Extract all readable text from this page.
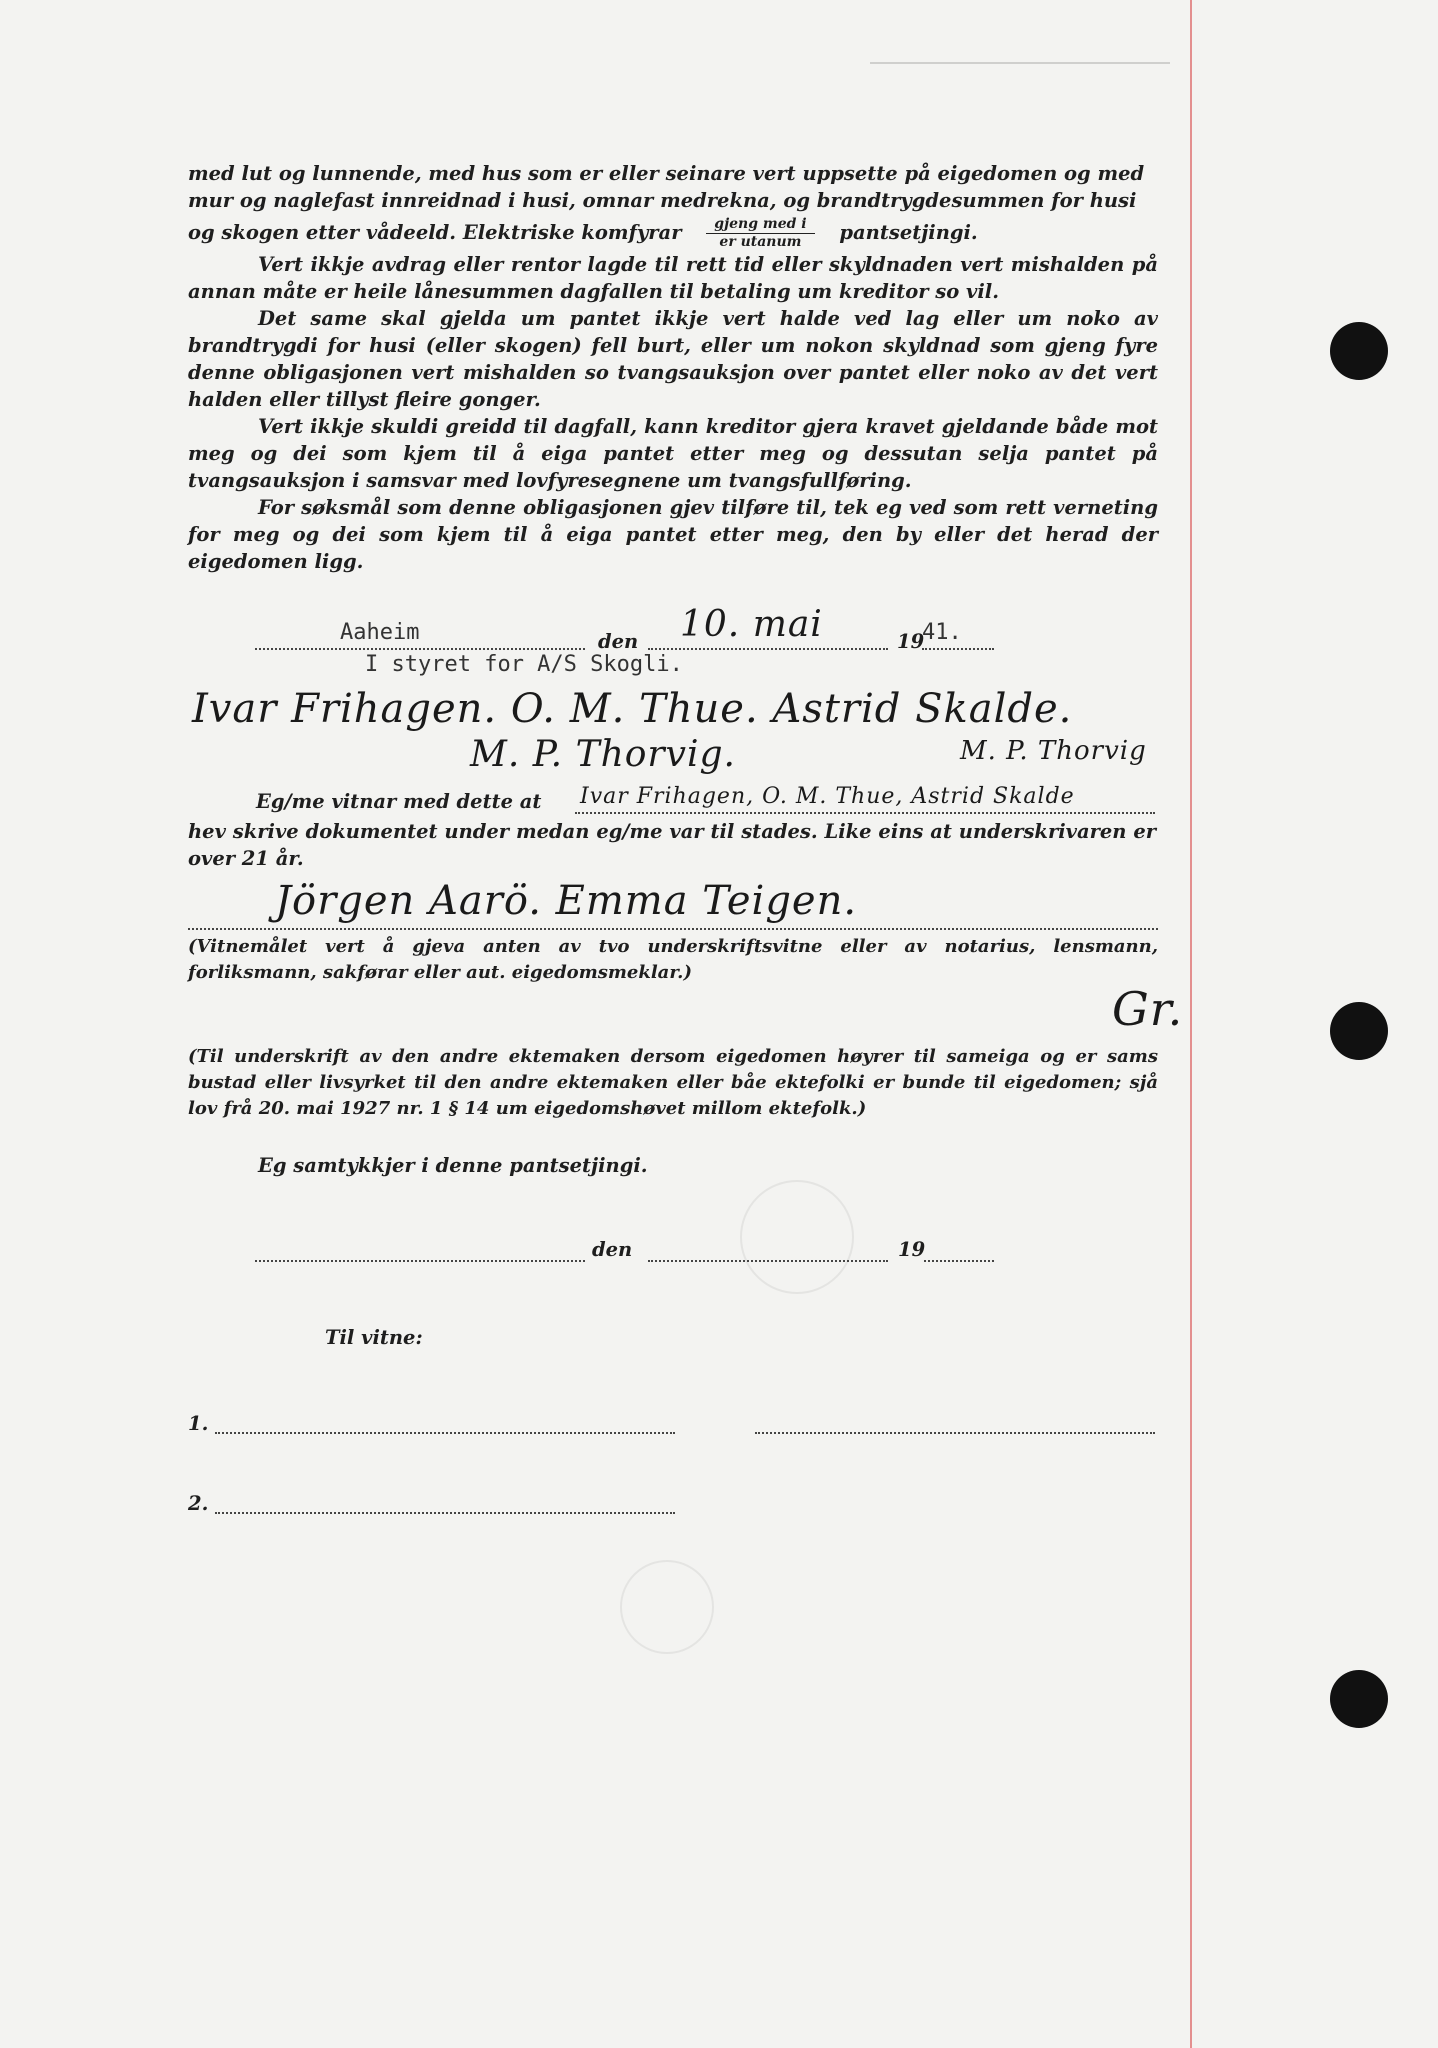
med lut og lunnende, med hus som er eller seinare vert uppsette på eigedomen og med

mur og naglefast innreidnad i husi, omnar medrekna, og brandtrygdesummen for husi

og skogen etter vådeeld. Elektriske komfyrar $\frac{\text{gjeng med i}}{\text{er utanum}}$ pantsetjingi.

Vert ikkje avdrag eller rentor lagde til rett tid eller skyldnaden vert mishalden på annan måte er heile lånesummen dagfallen til betaling um kreditor so vil.

Det same skal gjelda um pantet ikkje vert halde ved lag eller um noko av brandtrygdi for husi (eller skogen) fell burt, eller um nokon skyldnad som gjeng fyre denne obligasjonen vert mishalden so tvangsauksjon over pantet eller noko av det vert halden eller tillyst fleire gonger.

Vert ikkje skuldi greidd til dagfall, kann kreditor gjera kravet gjeldande både mot meg og dei som kjem til å eiga pantet etter meg og dessutan selja pantet på tvangsauksjon i samsvar med lovfyresegnene um tvangsfullføring.

For søksmål som denne obligasjonen gjev tilføre til, tek eg ved som rett verneting for meg og dei som kjem til å eiga pantet etter meg, den by eller det herad der eigedomen ligg.

Aaheim	den 10. mai	19
41.
I styret for A/S Skogli.
Ivar Frihagen. O. M. Thue. Astrid Skalde.
M. P. Thorvig.	M. P. Thorvig
Eg/me vitnar med dette at Ivar Frihagen, O. M. Thue, Astrid Skalde

hev skrive dokumentet under medan eg/me var til stades. Like eins at underskrivaren er over 21 år.

Jörgen Aarö. Emma Teigen.

(Vitnemålet vert å gjeva anten av tvo underskriftsvitne eller av notarius, lensmann, forliksmann, sakførar eller aut. eigedomsmeklar.)

Gr.

(Til underskrift av den andre ektemaken dersom eigedomen høyrer til sameiga og er sams bustad eller livsyrket til den andre ektemaken eller båe ektefolki er bunde til eigedomen; sjå lov frå 20. mai 1927 nr. 1 § 14 um eigedomshøvet millom ektefolk.)

Eg samtykkjer i denne pantsetjingi.
den	19
Til vitne:
1.
2.
